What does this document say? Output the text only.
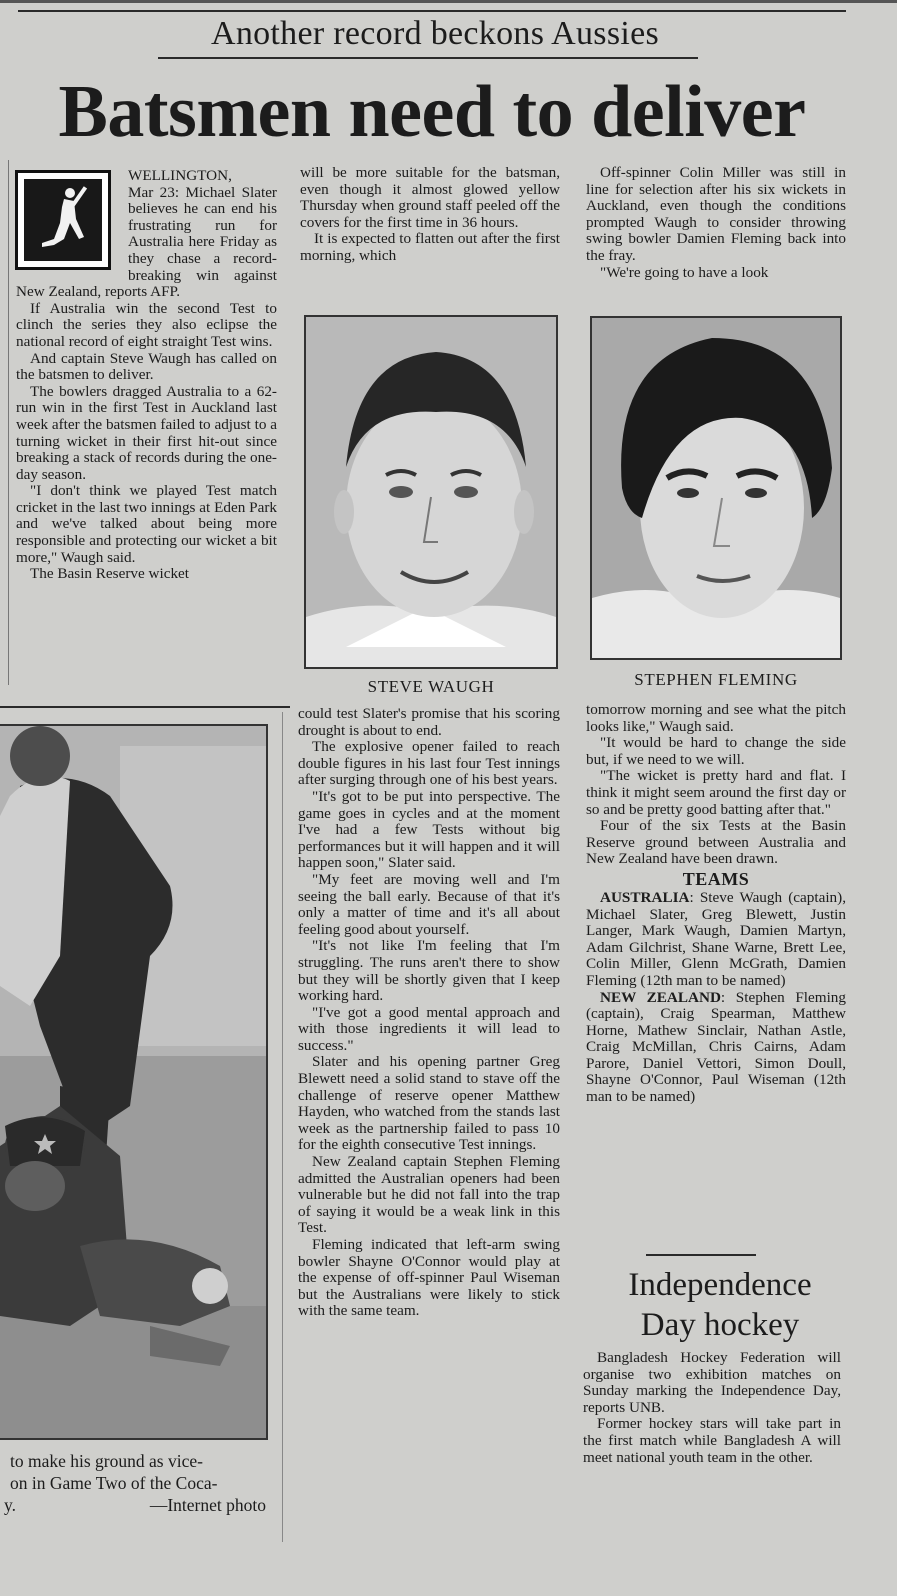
Another record beckons Aussies
Batsmen need to deliver

WELLINGTON,

Mar 23: Michael Slater believes he can end his frustrating run for Australia here Friday as they chase a record-breaking win against New Zealand, reports AFP.

If Australia win the second Test to clinch the series they also eclipse the national record of eight straight Test wins.

And captain Steve Waugh has called on the batsmen to deliver.

The bowlers dragged Australia to a 62-run win in the first Test in Auckland last week after the batsmen failed to adjust to a turning wicket in their first hit-out since breaking a stack of records during the one-day season.

"I don't think we played Test match cricket in the last two innings at Eden Park and we've talked about being more responsible and protecting our wicket a bit more," Waugh said.

The Basin Reserve wicket

will be more suitable for the batsman, even though it almost glowed yellow Thursday when ground staff peeled off the covers for the first time in 36 hours.

It is expected to flatten out after the first morning, which

Off-spinner Colin Miller was still in line for selection after his six wickets in Auckland, even though the conditions prompted Waugh to consider throwing swing bowler Damien Fleming back into the fray.

"We're going to have a look

STEVE WAUGH	STEPHEN FLEMING
to make his ground as vice-
on in Game Two of the Coca-
y.	—Internet photo

could test Slater's promise that his scoring drought is about to end.

The explosive opener failed to reach double figures in his last four Test innings after surging through one of his best years.

"It's got to be put into perspective. The game goes in cycles and at the moment I've had a few Tests without big performances but it will happen and it will happen soon," Slater said.

"My feet are moving well and I'm seeing the ball early. Because of that it's only a matter of time and it's all about feeling good about yourself.

"It's not like I'm feeling that I'm struggling. The runs aren't there to show but they will be shortly given that I keep working hard.

"I've got a good mental approach and with those ingredients it will lead to success."

Slater and his opening partner Greg Blewett need a solid stand to stave off the challenge of reserve opener Matthew Hayden, who watched from the stands last week as the partnership failed to pass 10 for the eighth consecutive Test innings.

New Zealand captain Stephen Fleming admitted the Australian openers had been vulnerable but he did not fall into the trap of saying it would be a weak link in this Test.

Fleming indicated that left-arm swing bowler Shayne O'Connor would play at the expense of off-spinner Paul Wiseman but the Australians were likely to stick with the same team.

tomorrow morning and see what the pitch looks like," Waugh said.

"It would be hard to change the side but, if we need to we will.

"The wicket is pretty hard and flat. I think it might seem around the first day or so and be pretty good batting after that."

Four of the six Tests at the Basin Reserve ground between Australia and New Zealand have been drawn.

TEAMS

AUSTRALIA: Steve Waugh (captain), Michael Slater, Greg Blewett, Justin Langer, Mark Waugh, Damien Martyn, Adam Gilchrist, Shane Warne, Brett Lee, Colin Miller, Glenn McGrath, Damien Fleming (12th man to be named)

NEW ZEALAND: Stephen Fleming (captain), Craig Spearman, Matthew Horne, Mathew Sinclair, Nathan Astle, Craig McMillan, Chris Cairns, Adam Parore, Daniel Vettori, Simon Doull, Shayne O'Connor, Paul Wiseman (12th man to be named)

Independence
Day hockey

Bangladesh Hockey Federation will organise two exhibition matches on Sunday marking the Independence Day, reports UNB.

Former hockey stars will take part in the first match while Bangladesh A will meet national youth team in the other.
